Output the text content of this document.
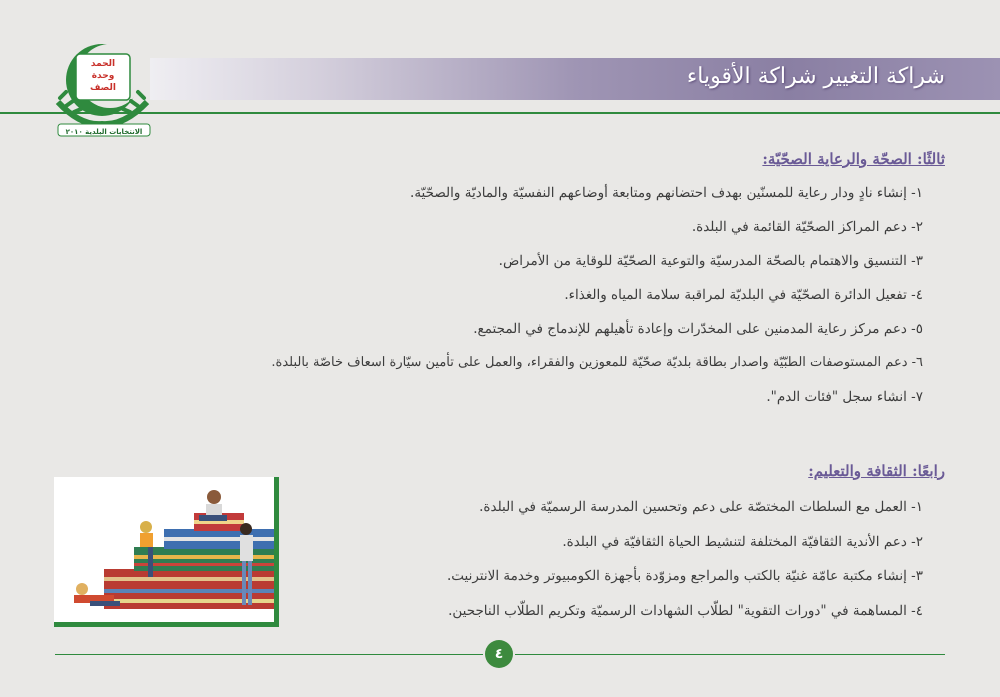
شراكة التغيير شراكة الأقوياء
الحمد
وحدة
الصف
الانتخابات البلدية ٢٠١٠
ثالثًا: الصحّة والرعاية الصحّيّة:
١- إنشاء نادٍ ودار رعاية للمسنّين بهدف احتضانهم ومتابعة أوضاعهم النفسيّة والماديّة والصحّيّة.
٢- دعم المراكز الصحّيّة القائمة في البلدة.
٣- التنسيق والاهتمام بالصحّة المدرسيّة والتوعية الصحّيّة للوقاية من الأمراض.
٤- تفعيل الدائرة الصحّيّة في البلديّة لمراقبة سلامة المياه والغذاء.
٥- دعم مركز رعاية المدمنين على المخدّرات وإعادة تأهيلهم للإندماج في المجتمع.
٦- دعم المستوصفات الطبّيّة واصدار بطاقة بلديّة صحّيّة للمعوزين والفقراء، والعمل على تأمين سيّارة اسعاف خاصّة بالبلدة.
٧- انشاء سجل "فئات الدم".
رابعًا: الثقافة والتعليم:
١- العمل مع السلطات المختصّة على دعم وتحسين المدرسة الرسميّة في البلدة.
٢- دعم الأندية الثقافيّة المختلفة لتنشيط الحياة الثقافيّة في البلدة.
٣- إنشاء مكتبة عامّة غنيّة بالكتب والمراجع ومزوّدة بأجهزة الكومبيوتر وخدمة الانترنيت.
٤- المساهمة في "دورات التقوية" لطلّاب الشهادات الرسميّة وتكريم الطلّاب الناجحين.
٤
